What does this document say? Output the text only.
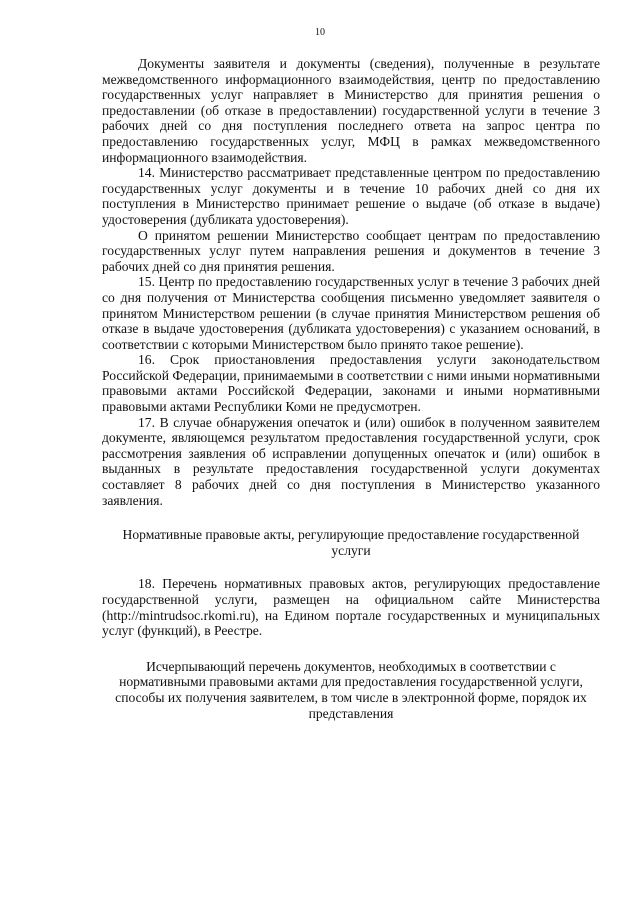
10

Документы заявителя и документы (сведения), полученные в результате межведомственного информационного взаимодействия, центр по предоставлению государственных услуг направляет в Министерство для принятия решения о предоставлении (об отказе в предоставлении) государственной услуги в течение 3 рабочих дней со дня поступления последнего ответа на запрос центра по предоставлению государственных услуг, МФЦ в рамках межведомственного информационного взаимодействия.

14. Министерство рассматривает представленные центром по предоставлению государственных услуг документы и в течение 10 рабочих дней со дня их поступления в Министерство принимает решение о выдаче (об отказе в выдаче) удостоверения (дубликата удостоверения).

О принятом решении Министерство сообщает центрам по предоставлению государственных услуг путем направления решения и документов в течение 3 рабочих дней со дня принятия решения.

15. Центр по предоставлению государственных услуг в течение 3 рабочих дней со дня получения от Министерства сообщения письменно уведомляет заявителя о принятом Министерством решении (в случае принятия Министерством решения об отказе в выдаче удостоверения (дубликата удостоверения) с указанием оснований, в соответствии с которыми Министерством было принято такое решение).

16. Срок приостановления предоставления услуги законодательством Российской Федерации, принимаемыми в соответствии с ними иными нормативными правовыми актами Российской Федерации, законами и иными нормативными правовыми актами Республики Коми не предусмотрен.

17. В случае обнаружения опечаток и (или) ошибок в полученном заявителем документе, являющемся результатом предоставления государственной услуги, срок рассмотрения заявления об исправлении допущенных опечаток и (или) ошибок в выданных в результате предоставления государственной услуги документах составляет 8 рабочих дней со дня поступления в Министерство указанного заявления.

Нормативные правовые акты, регулирующие предоставление государственной услуги

18. Перечень нормативных правовых актов, регулирующих предоставление государственной услуги, размещен на официальном сайте Министерства (http://mintrudsoc.rkomi.ru), на Едином портале государственных и муниципальных услуг (функций), в Реестре.

Исчерпывающий перечень документов, необходимых в соответствии с нормативными правовыми актами для предоставления государственной услуги, способы их получения заявителем, в том числе в электронной форме, порядок их представления
